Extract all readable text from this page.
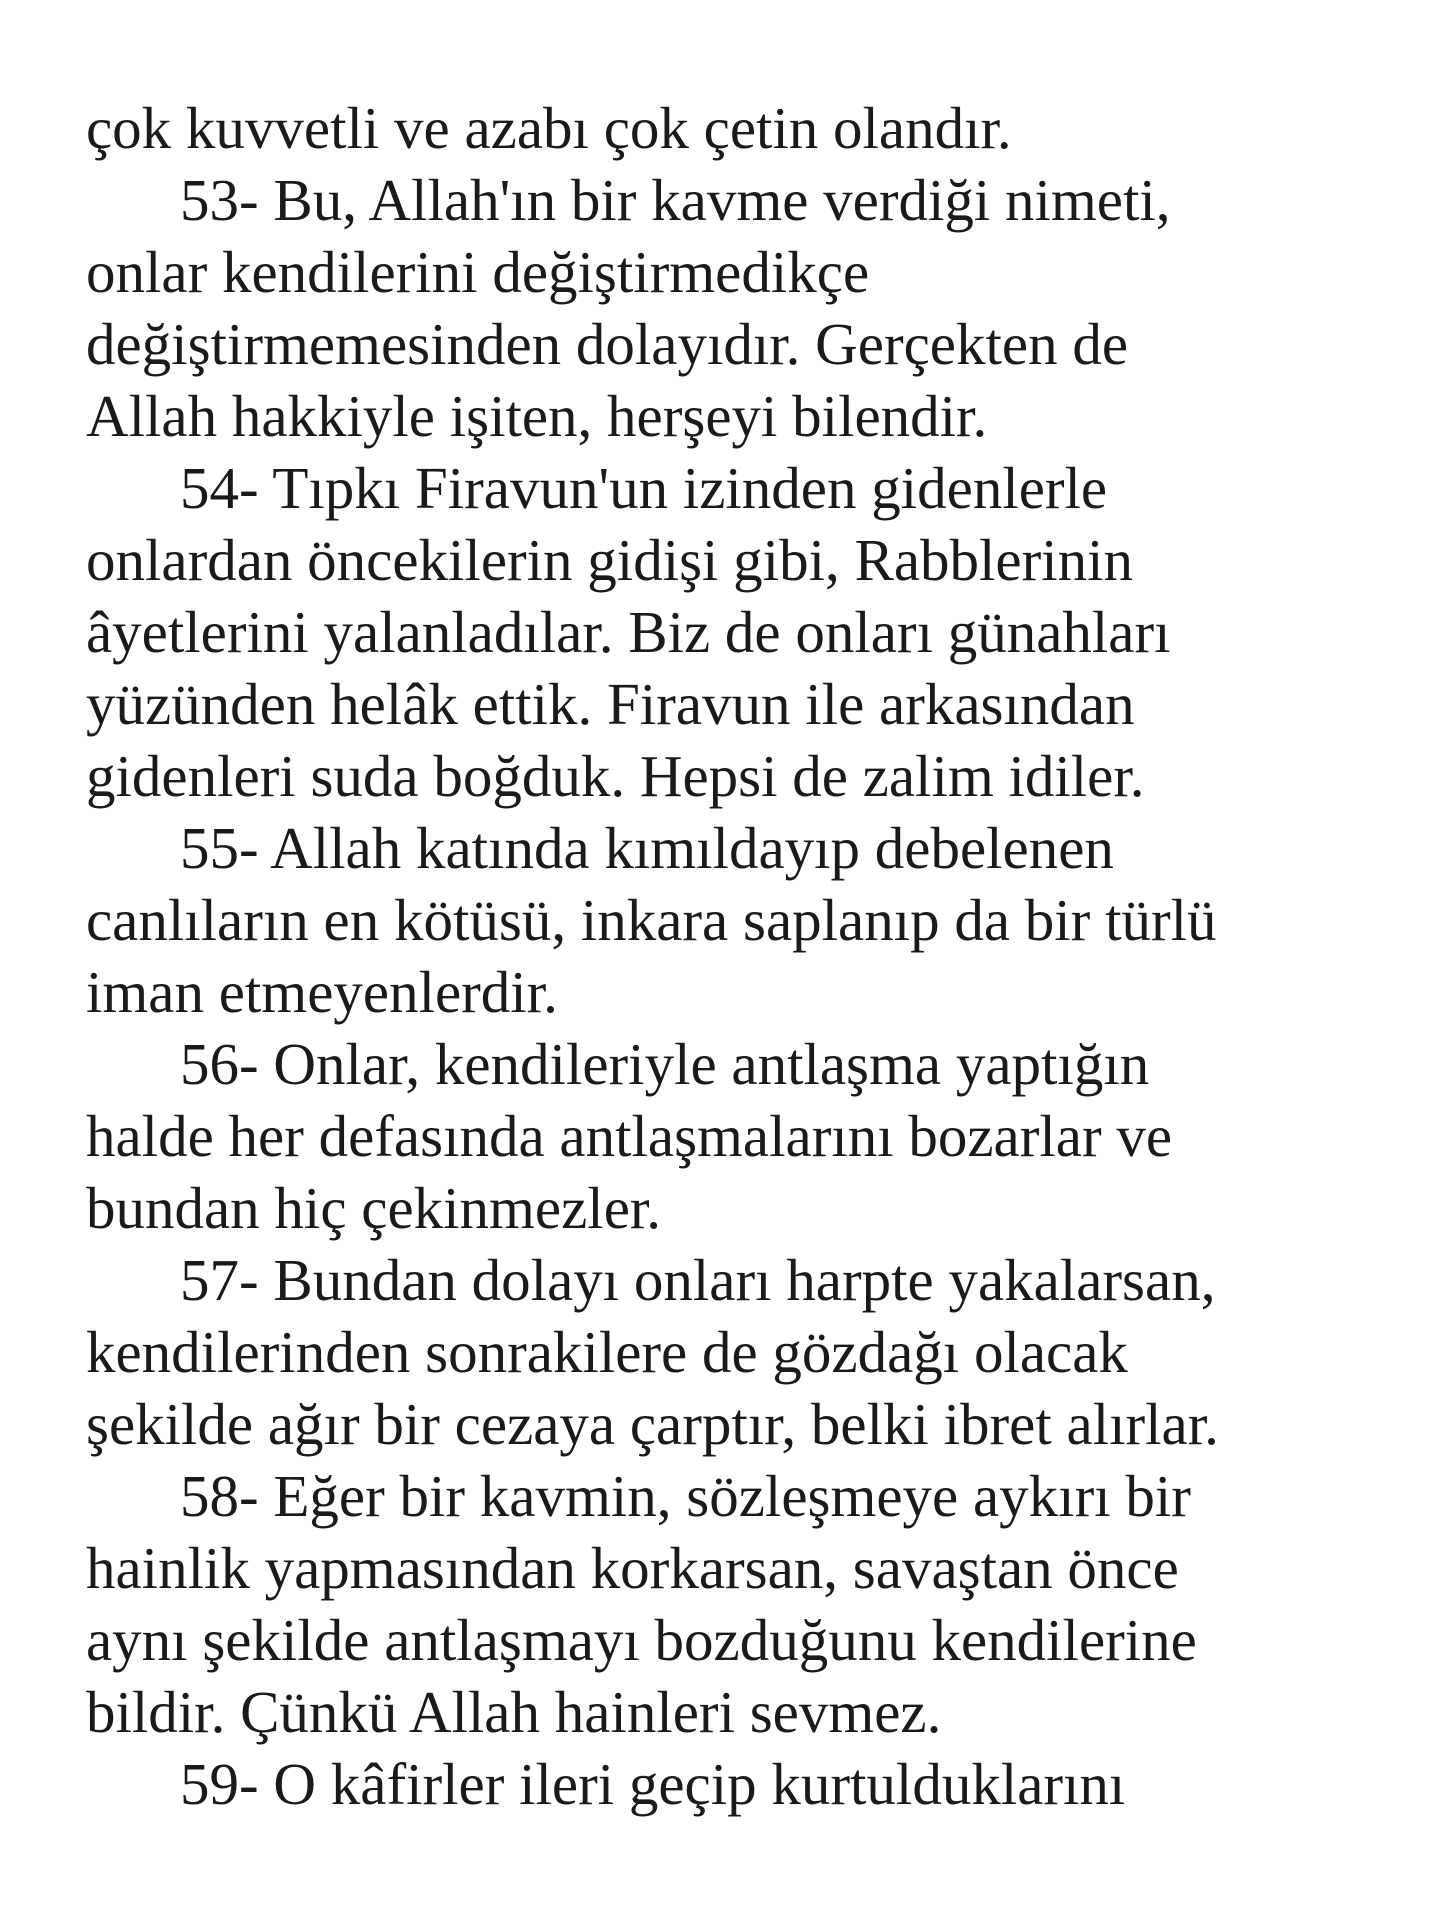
çok kuvvetli ve azabı çok çetin olandır.
53- Bu, Allah'ın bir kavme verdiği nimeti,
onlar kendilerini değiştirmedikçe
değiştirmemesinden dolayıdır. Gerçekten de
Allah hakkiyle işiten, herşeyi bilendir.
54- Tıpkı Firavun'un izinden gidenlerle
onlardan öncekilerin gidişi gibi, Rabblerinin
âyetlerini yalanladılar. Biz de onları günahları
yüzünden helâk ettik. Firavun ile arkasından
gidenleri suda boğduk. Hepsi de zalim idiler.
55- Allah katında kımıldayıp debelenen
canlıların en kötüsü, inkara saplanıp da bir türlü
iman etmeyenlerdir.
56- Onlar, kendileriyle antlaşma yaptığın
halde her defasında antlaşmalarını bozarlar ve
bundan hiç çekinmezler.
57- Bundan dolayı onları harpte yakalarsan,
kendilerinden sonrakilere de gözdağı olacak
şekilde ağır bir cezaya çarptır, belki ibret alırlar.
58- Eğer bir kavmin, sözleşmeye aykırı bir
hainlik yapmasından korkarsan, savaştan önce
aynı şekilde antlaşmayı bozduğunu kendilerine
bildir. Çünkü Allah hainleri sevmez.
59- O kâfirler ileri geçip kurtulduklarını
